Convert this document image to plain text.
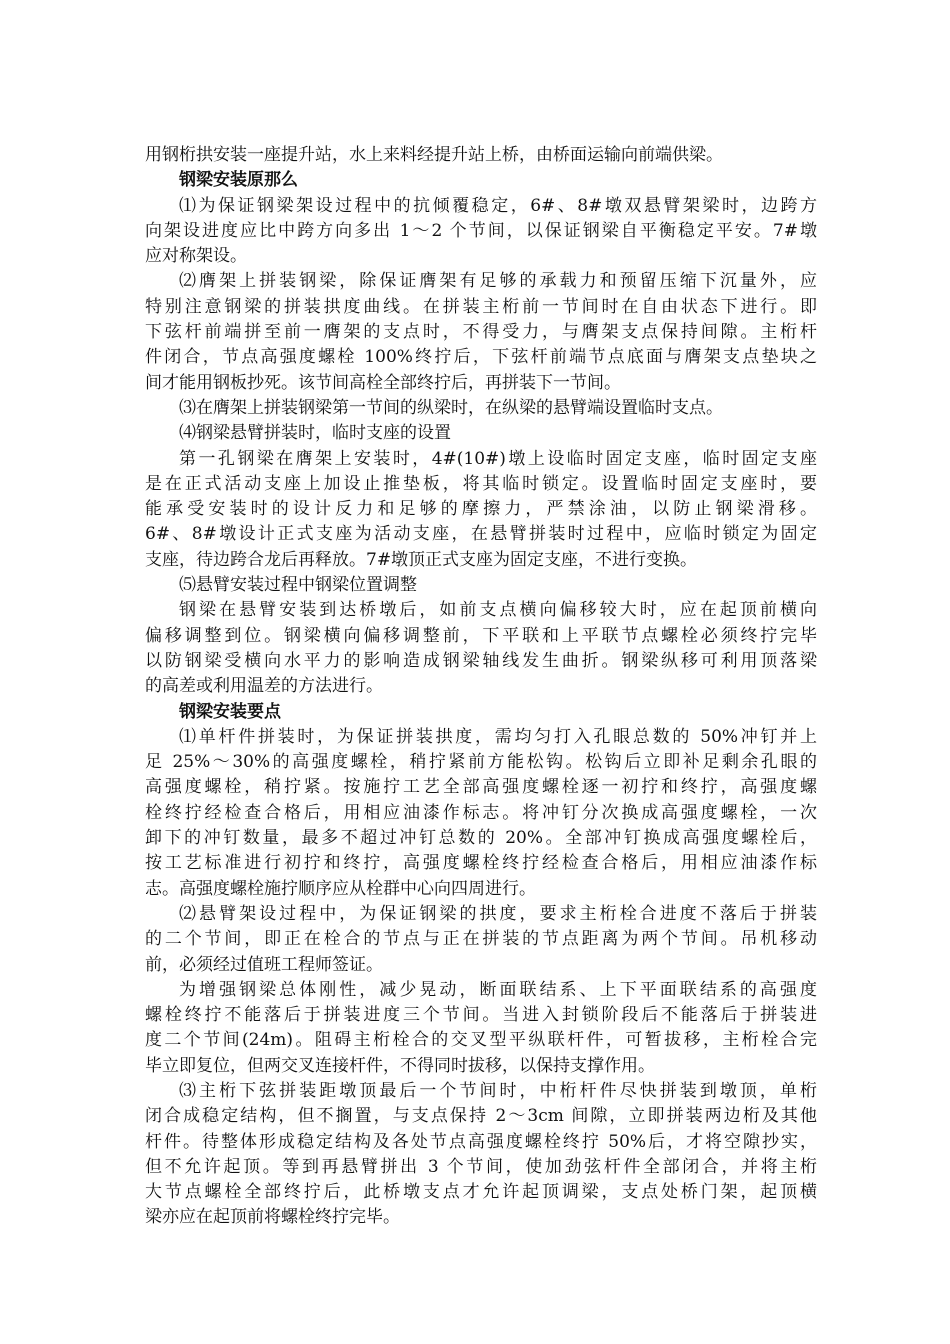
用钢桁拱安装一座提升站，水上来料经提升站上桥，由桥面运输向前端供梁。
钢梁安装原那么
⑴为保证钢梁架设过程中的抗倾覆稳定，6#、8#墩双悬臂架梁时，边跨方
向架设进度应比中跨方向多出 1～2 个节间，以保证钢梁自平衡稳定平安。7#墩
应对称架设。
⑵膺架上拼装钢梁，除保证膺架有足够的承载力和预留压缩下沉量外，应
特别注意钢梁的拼装拱度曲线。在拼装主桁前一节间时在自由状态下进行。即
下弦杆前端拼至前一膺架的支点时，不得受力，与膺架支点保持间隙。主桁杆
件闭合，节点高强度螺栓 100%终拧后，下弦杆前端节点底面与膺架支点垫块之
间才能用钢板抄死。该节间高栓全部终拧后，再拼装下一节间。
⑶在膺架上拼装钢梁第一节间的纵梁时，在纵梁的悬臂端设置临时支点。
⑷钢梁悬臂拼装时，临时支座的设置
第一孔钢梁在膺架上安装时，4#(10#)墩上设临时固定支座，临时固定支座
是在正式活动支座上加设止推垫板，将其临时锁定。设置临时固定支座时，要
能承受安装时的设计反力和足够的摩擦力，严禁涂油，以防止钢梁滑移。
6#、8#墩设计正式支座为活动支座，在悬臂拼装时过程中，应临时锁定为固定
支座，待边跨合龙后再释放。7#墩顶正式支座为固定支座，不进行变换。
⑸悬臂安装过程中钢梁位置调整
钢梁在悬臂安装到达桥墩后，如前支点横向偏移较大时，应在起顶前横向
偏移调整到位。钢梁横向偏移调整前，下平联和上平联节点螺栓必须终拧完毕
以防钢梁受横向水平力的影响造成钢梁轴线发生曲折。钢梁纵移可利用顶落梁
的高差或利用温差的方法进行。
钢梁安装要点
⑴单杆件拼装时，为保证拼装拱度，需均匀打入孔眼总数的 50%冲钉并上
足 25%～30%的高强度螺栓，稍拧紧前方能松钩。松钩后立即补足剩余孔眼的
高强度螺栓，稍拧紧。按施拧工艺全部高强度螺栓逐一初拧和终拧，高强度螺
栓终拧经检查合格后，用相应油漆作标志。将冲钉分次换成高强度螺栓，一次
卸下的冲钉数量，最多不超过冲钉总数的 20%。全部冲钉换成高强度螺栓后，
按工艺标准进行初拧和终拧，高强度螺栓终拧经检查合格后，用相应油漆作标
志。高强度螺栓施拧顺序应从栓群中心向四周进行。
⑵悬臂架设过程中，为保证钢梁的拱度，要求主桁栓合进度不落后于拼装
的二个节间，即正在栓合的节点与正在拼装的节点距离为两个节间。吊机移动
前，必须经过值班工程师签证。
为增强钢梁总体刚性，减少晃动，断面联结系、上下平面联结系的高强度
螺栓终拧不能落后于拼装进度三个节间。当进入封锁阶段后不能落后于拼装进
度二个节间(24m)。阻碍主桁栓合的交叉型平纵联杆件，可暂拔移，主桁栓合完
毕立即复位，但两交叉连接杆件，不得同时拔移，以保持支撑作用。
⑶主桁下弦拼装距墩顶最后一个节间时，中桁杆件尽快拼装到墩顶，单桁
闭合成稳定结构，但不搁置，与支点保持 2～3cm 间隙，立即拼装两边桁及其他
杆件。待整体形成稳定结构及各处节点高强度螺栓终拧 50%后，才将空隙抄实，
但不允许起顶。等到再悬臂拼出 3 个节间，使加劲弦杆件全部闭合，并将主桁
大节点螺栓全部终拧后，此桥墩支点才允许起顶调梁，支点处桥门架，起顶横
梁亦应在起顶前将螺栓终拧完毕。
